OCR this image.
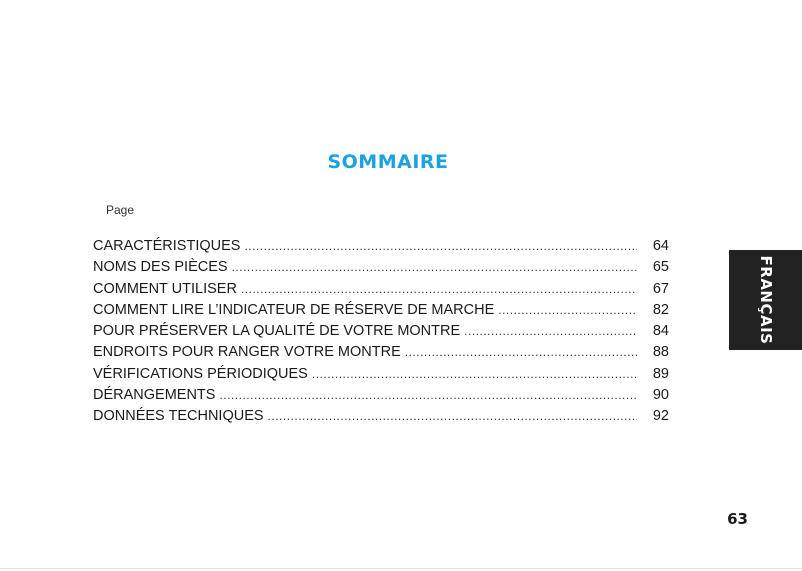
SOMMAIRE
Page
CARACTÉRISTIQUES .....	64
NOMS DES PIÈCES .....	65
COMMENT UTILISER .....	67
COMMENT LIRE L’INDICATEUR DE RÉSERVE DE MARCHE .....	82
POUR PRÉSERVER LA QUALITÉ DE VOTRE MONTRE .....	84
ENDROITS POUR RANGER VOTRE MONTRE .....	88
VÉRIFICATIONS PÉRIODIQUES .....	89
DÉRANGEMENTS .....	90
DONNÉES TECHNIQUES .....	92
FRANÇAIS
63
